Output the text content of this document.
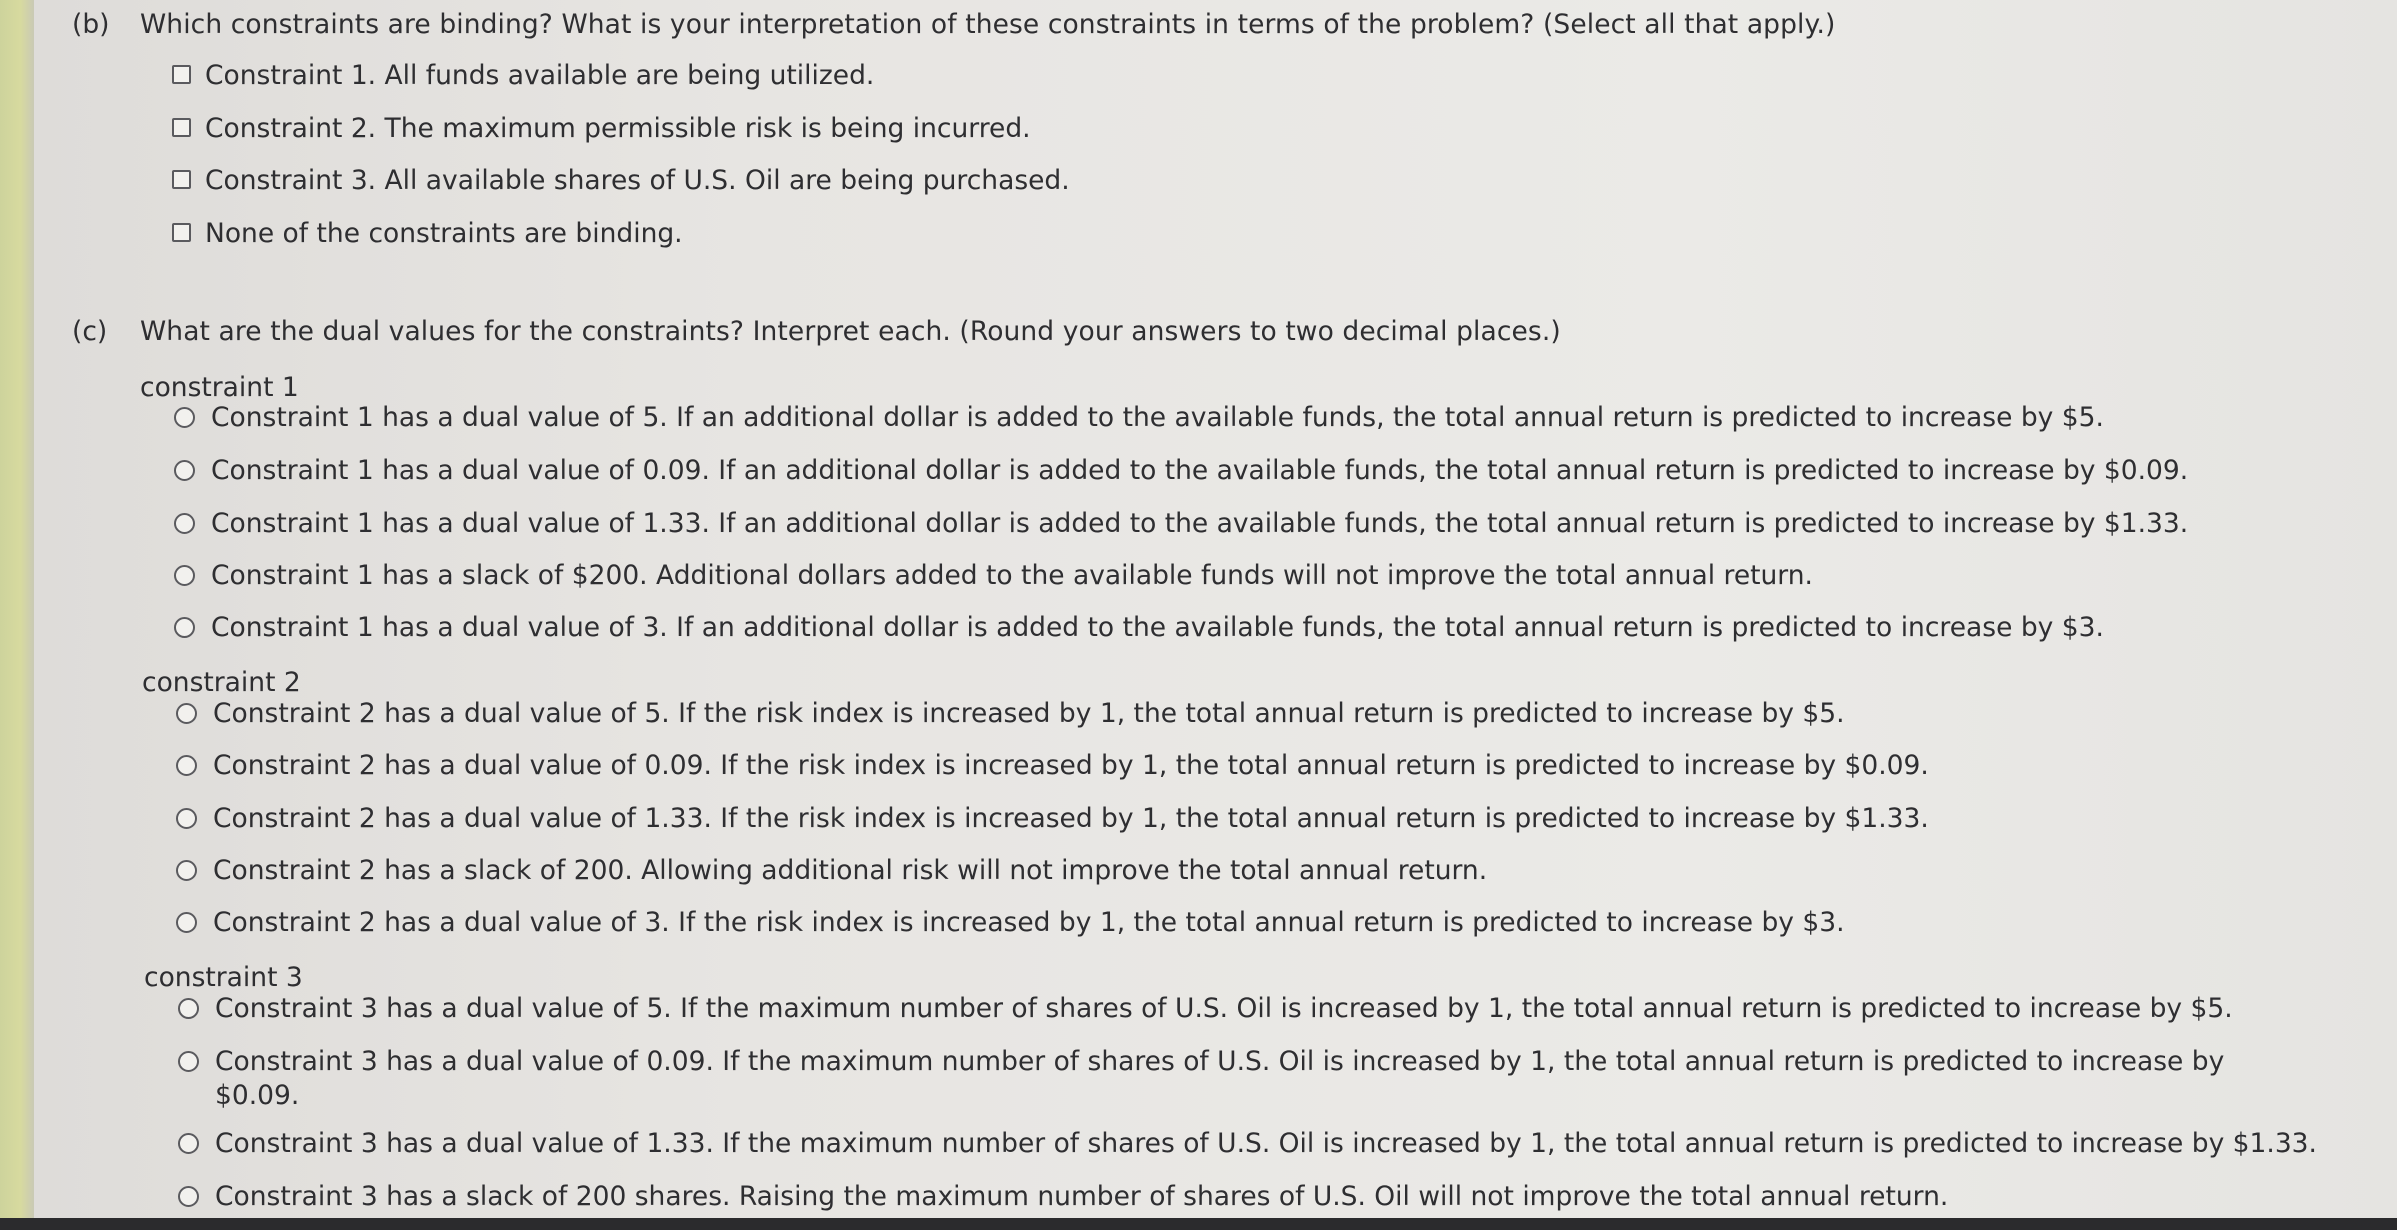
(b) Which constraints are binding? What is your interpretation of these constraints in terms of the problem? (Select all that apply.)
Constraint 1. All funds available are being utilized.
Constraint 2. The maximum permissible risk is being incurred.
Constraint 3. All available shares of U.S. Oil are being purchased.
None of the constraints are binding.
(c) What are the dual values for the constraints? Interpret each. (Round your answers to two decimal places.)
constraint 1
Constraint 1 has a dual value of 5. If an additional dollar is added to the available funds, the total annual return is predicted to increase by $5.
Constraint 1 has a dual value of 0.09. If an additional dollar is added to the available funds, the total annual return is predicted to increase by $0.09.
Constraint 1 has a dual value of 1.33. If an additional dollar is added to the available funds, the total annual return is predicted to increase by $1.33.
Constraint 1 has a slack of $200. Additional dollars added to the available funds will not improve the total annual return.
Constraint 1 has a dual value of 3. If an additional dollar is added to the available funds, the total annual return is predicted to increase by $3.
constraint 2
Constraint 2 has a dual value of 5. If the risk index is increased by 1, the total annual return is predicted to increase by $5.
Constraint 2 has a dual value of 0.09. If the risk index is increased by 1, the total annual return is predicted to increase by $0.09.
Constraint 2 has a dual value of 1.33. If the risk index is increased by 1, the total annual return is predicted to increase by $1.33.
Constraint 2 has a slack of 200. Allowing additional risk will not improve the total annual return.
Constraint 2 has a dual value of 3. If the risk index is increased by 1, the total annual return is predicted to increase by $3.
constraint 3
Constraint 3 has a dual value of 5. If the maximum number of shares of U.S. Oil is increased by 1, the total annual return is predicted to increase by $5.
Constraint 3 has a dual value of 0.09. If the maximum number of shares of U.S. Oil is increased by 1, the total annual return is predicted to increase by $0.09.
Constraint 3 has a dual value of 1.33. If the maximum number of shares of U.S. Oil is increased by 1, the total annual return is predicted to increase by $1.33.
Constraint 3 has a slack of 200 shares. Raising the maximum number of shares of U.S. Oil will not improve the total annual return.
